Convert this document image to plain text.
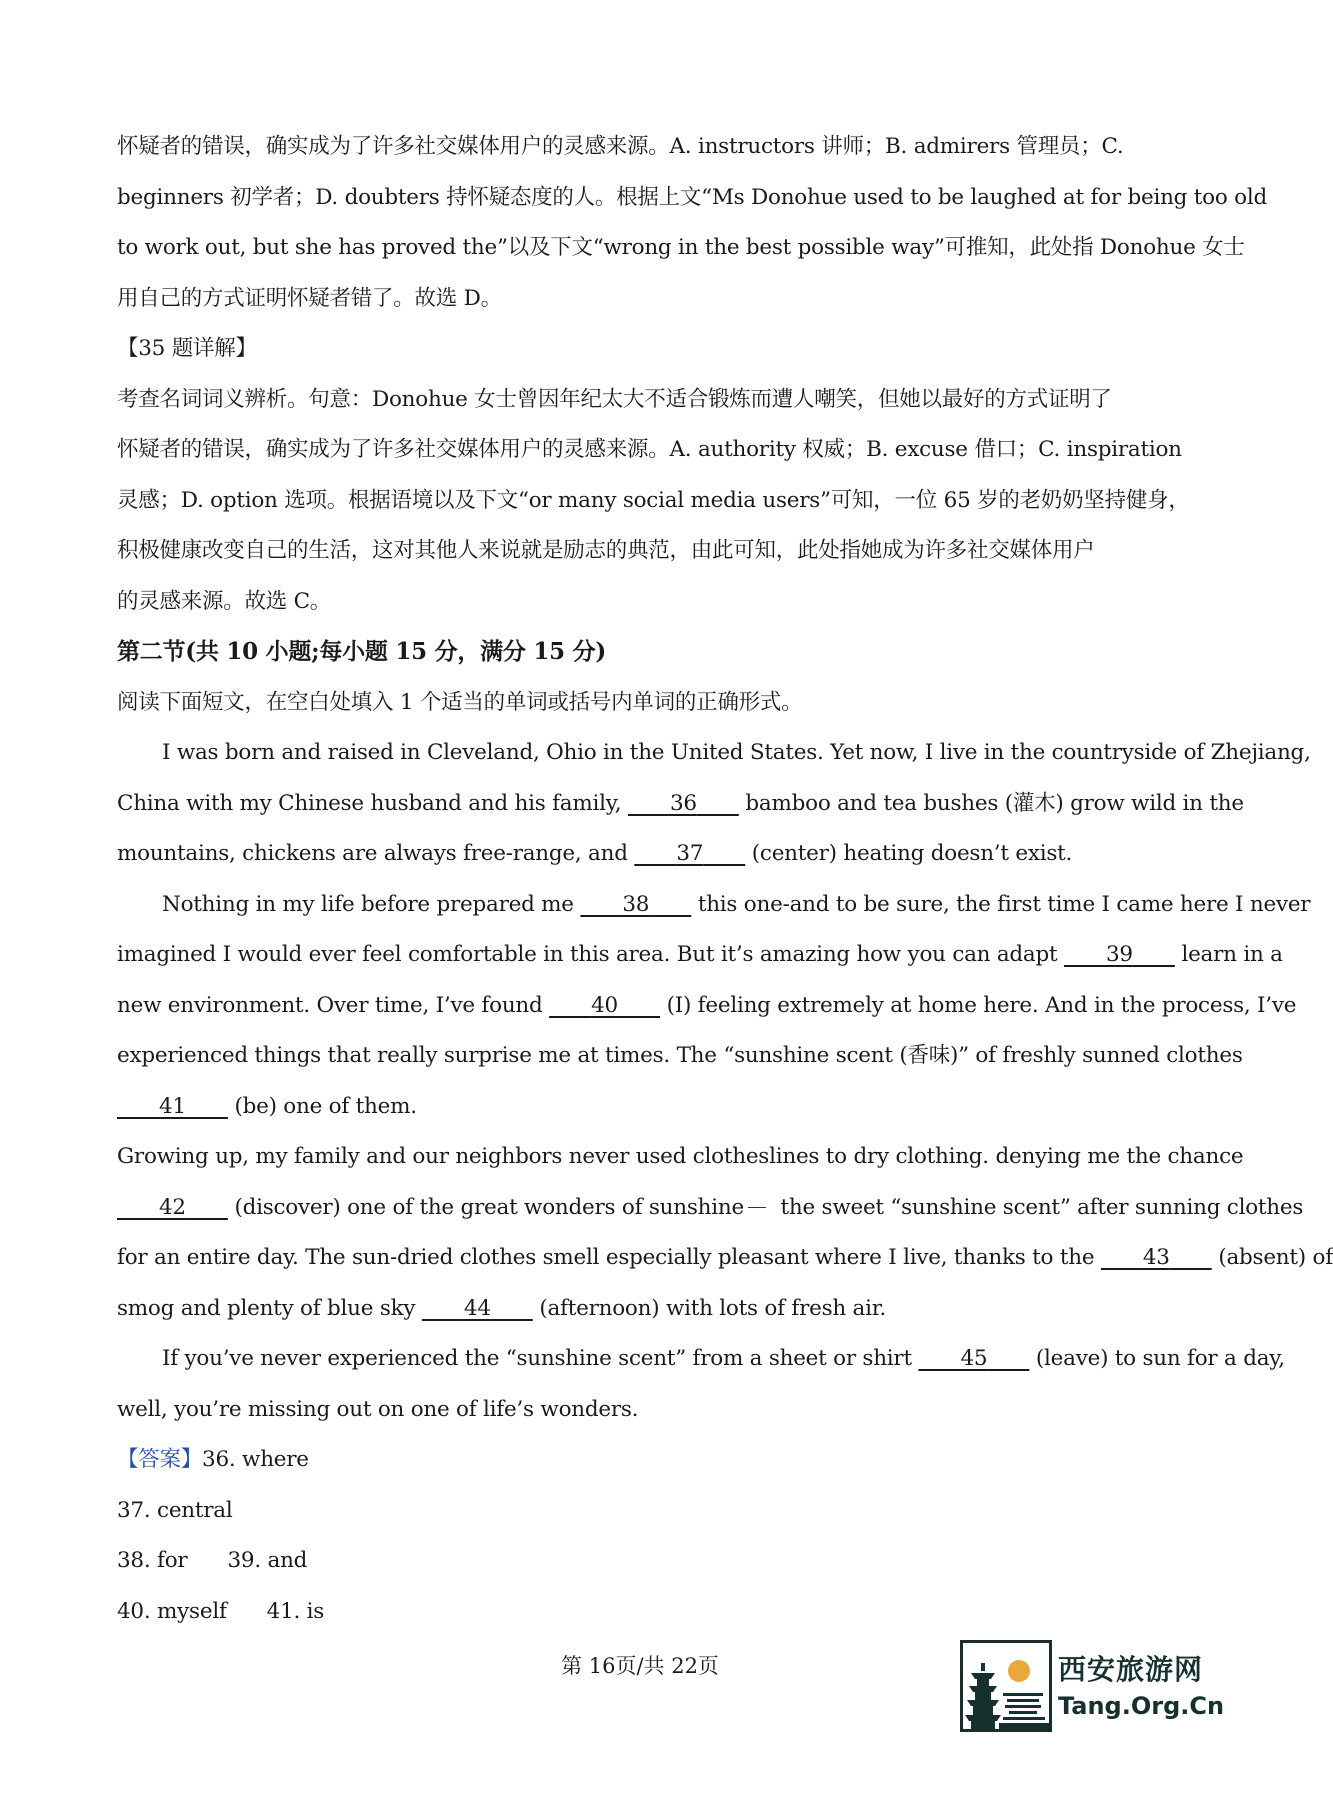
怀疑者的错误，确实成为了许多社交媒体用户的灵感来源。A. instructors 讲师；B. admirers 管理员；C.
beginners 初学者；D. doubters 持怀疑态度的人。根据上文“Ms Donohue used to be laughed at for being too old
to work out, but she has proved the”以及下文“wrong in the best possible way”可推知，此处指 Donohue 女士
用自己的方式证明怀疑者错了。故选 D。
【35 题详解】
考查名词词义辨析。句意：Donohue 女士曾因年纪太大不适合锻炼而遭人嘲笑，但她以最好的方式证明了
怀疑者的错误，确实成为了许多社交媒体用户的灵感来源。A. authority 权威；B. excuse 借口；C. inspiration
灵感；D. option 选项。根据语境以及下文“or many social media users”可知，一位 65 岁的老奶奶坚持健身，
积极健康改变自己的生活，这对其他人来说就是励志的典范，由此可知，此处指她成为许多社交媒体用户
的灵感来源。故选 C。
第二节(共 10 小题;每小题 15 分，满分 15 分)
阅读下面短文，在空白处填入 1 个适当的单词或括号内单词的正确形式。
I was born and raised in Cleveland, Ohio in the United States. Yet now, I live in the countryside of Zhejiang,
China with my Chinese husband and his family, 36 bamboo and tea bushes (灌木) grow wild in the
mountains, chickens are always free-range, and 37 (center) heating doesn’t exist.
Nothing in my life before prepared me 38 this one-and to be sure, the first time I came here I never
imagined I would ever feel comfortable in this area. But it’s amazing how you can adapt 39 learn in a
new environment. Over time, I’ve found 40 (I) feeling extremely at home here. And in the process, I’ve
experienced things that really surprise me at times. The “sunshine scent (香味)” of freshly sunned clothes
41 (be) one of them.
Growing up, my family and our neighbors never used clotheslines to dry clothing. denying me the chance
42 (discover) one of the great wonders of sunshine the sweet “sunshine scent” after sunning clothes
for an entire day. The sun-dried clothes smell especially pleasant where I live, thanks to the 43 (absent) of
smog and plenty of blue sky 44 (afternoon) with lots of fresh air.
If you’ve never experienced the “sunshine scent” from a sheet or shirt 45 (leave) to sun for a day,
well, you’re missing out on one of life’s wonders.
【答案】36. where
37. central
38. for 39. and
40. myself 41. is
第 16页/共 22页	西安旅游网
Tang.Org.Cn
